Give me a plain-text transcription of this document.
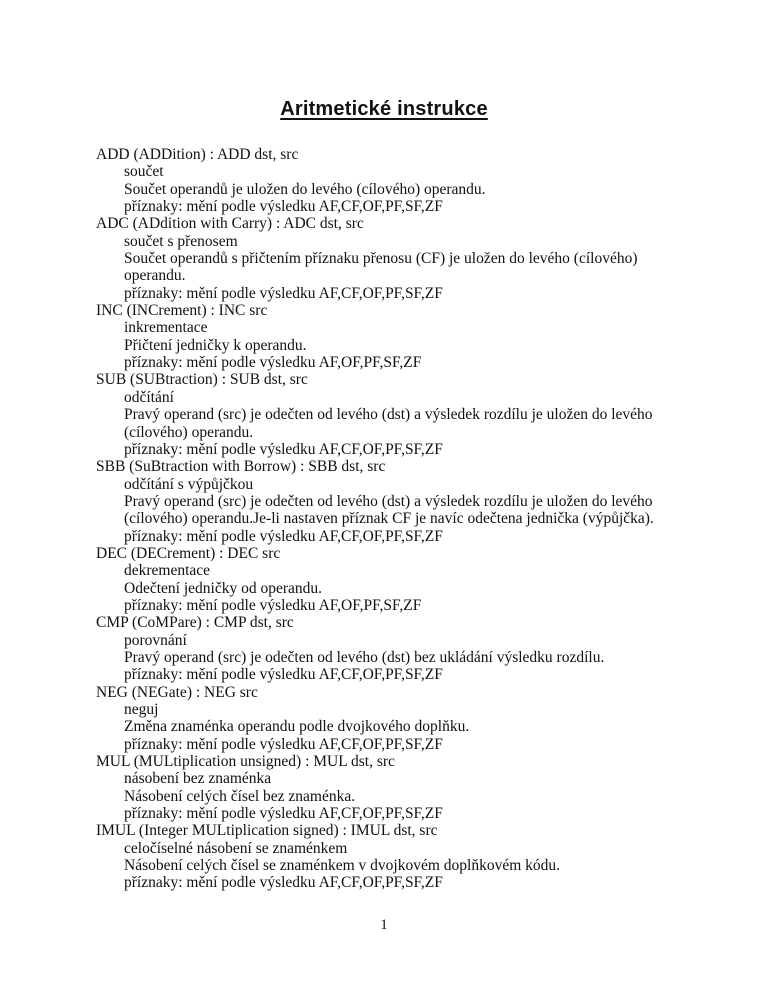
Aritmetické instrukce
ADD (ADDition) : ADD dst, src
součet
Součet operandů je uložen do levého (cílového) operandu.
příznaky: mění podle výsledku AF,CF,OF,PF,SF,ZF
ADC (ADdition with Carry) : ADC dst, src
součet s přenosem
Součet operandů s přičtením příznaku přenosu (CF) je uložen do levého (cílového)
operandu.
příznaky: mění podle výsledku AF,CF,OF,PF,SF,ZF
INC (INCrement) : INC src
inkrementace
Přičtení jedničky k operandu.
příznaky: mění podle výsledku AF,OF,PF,SF,ZF
SUB (SUBtraction) : SUB dst, src
odčítání
Pravý operand (src) je odečten od levého (dst) a výsledek rozdílu je uložen do levého
(cílového) operandu.
příznaky: mění podle výsledku AF,CF,OF,PF,SF,ZF
SBB (SuBtraction with Borrow) : SBB dst, src
odčítání s výpůjčkou
Pravý operand (src) je odečten od levého (dst) a výsledek rozdílu je uložen do levého
(cílového) operandu.Je-li nastaven příznak CF je navíc odečtena jednička (výpůjčka).
příznaky: mění podle výsledku AF,CF,OF,PF,SF,ZF
DEC (DECrement) : DEC src
dekrementace
Odečtení jedničky od operandu.
příznaky: mění podle výsledku AF,OF,PF,SF,ZF
CMP (CoMPare) : CMP dst, src
porovnání
Pravý operand (src) je odečten od levého (dst) bez ukládání výsledku rozdílu.
příznaky: mění podle výsledku AF,CF,OF,PF,SF,ZF
NEG (NEGate) : NEG src
neguj
Změna znaménka operandu podle dvojkového doplňku.
příznaky: mění podle výsledku AF,CF,OF,PF,SF,ZF
MUL (MULtiplication unsigned) : MUL dst, src
násobení bez znaménka
Násobení celých čísel bez znaménka.
příznaky: mění podle výsledku AF,CF,OF,PF,SF,ZF
IMUL (Integer MULtiplication signed) : IMUL dst, src
celočíselné násobení se znaménkem
Násobení celých čísel se znaménkem v dvojkovém doplňkovém kódu.
příznaky: mění podle výsledku AF,CF,OF,PF,SF,ZF
1
